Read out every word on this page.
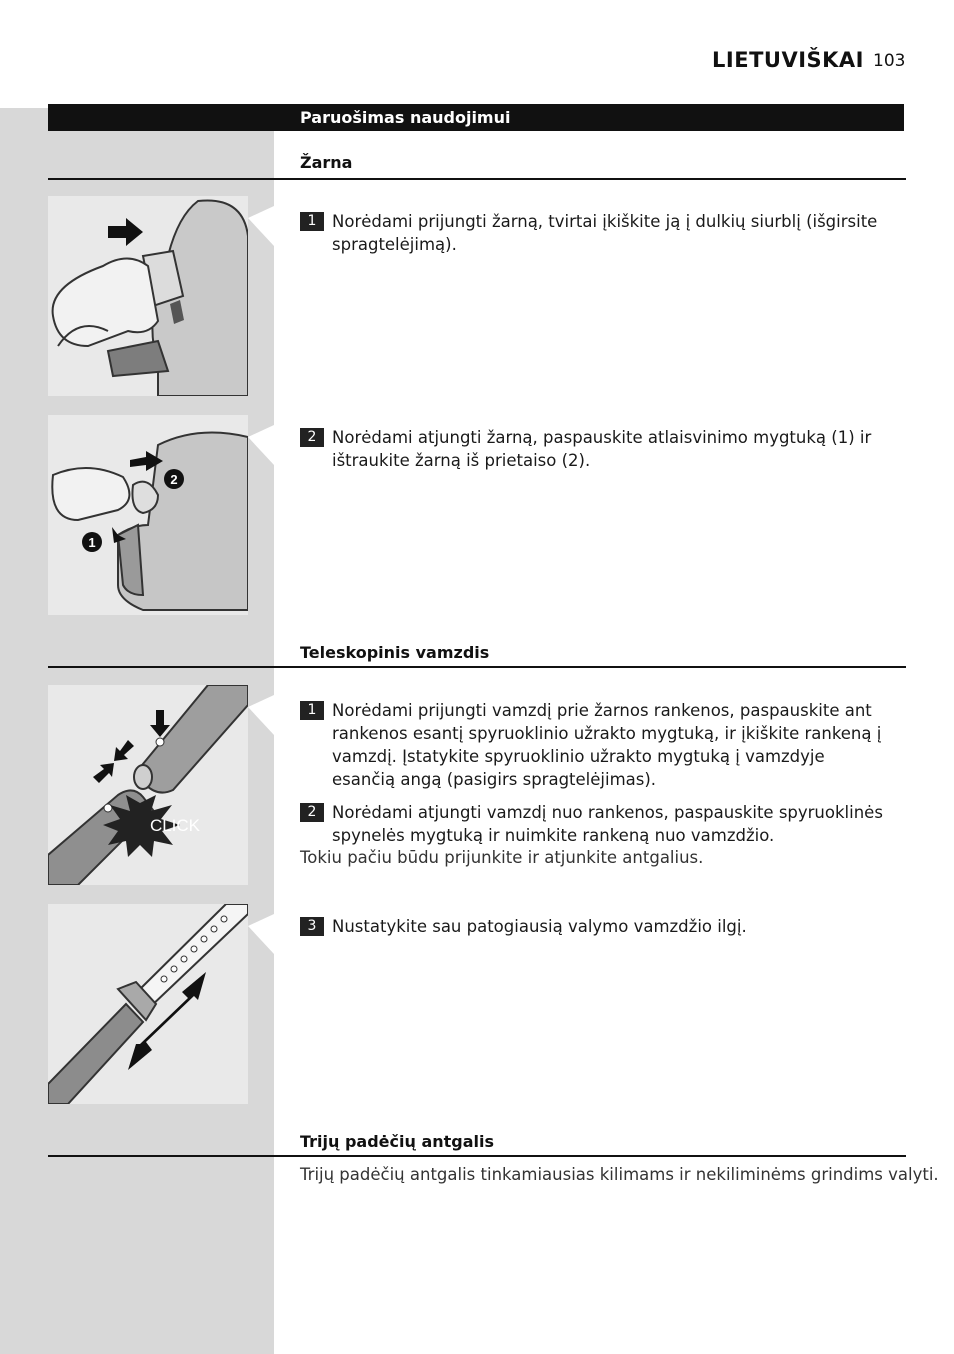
LIETUVIŠKAI 103
Paruošimas naudojimui
Žarna
1 Norėdami prijungti žarną, tvirtai įkiškite ją į dulkių siurblį (išgirsite spragtelėjimą).
2
1
2 Norėdami atjungti žarną, paspauskite atlaisvinimo mygtuką (1) ir ištraukite žarną iš prietaiso (2).
Teleskopinis vamzdis
CLICK
1 Norėdami prijungti vamzdį prie žarnos rankenos, paspauskite ant rankenos esantį spyruoklinio užrakto mygtuką, ir įkiškite rankeną į vamzdį. Įstatykite spyruoklinio užrakto mygtuką į vamzdyje esančią angą (pasigirs spragtelėjimas).
2 Norėdami atjungti vamzdį nuo rankenos, paspauskite spyruoklinės spynelės mygtuką ir nuimkite rankeną nuo vamzdžio.
Tokiu pačiu būdu prijunkite ir atjunkite antgalius.
3 Nustatykite sau patogiausią valymo vamzdžio ilgį.
Trijų padėčių antgalis
Trijų padėčių antgalis tinkamiausias kilimams ir nekiliminėms grindims valyti.
